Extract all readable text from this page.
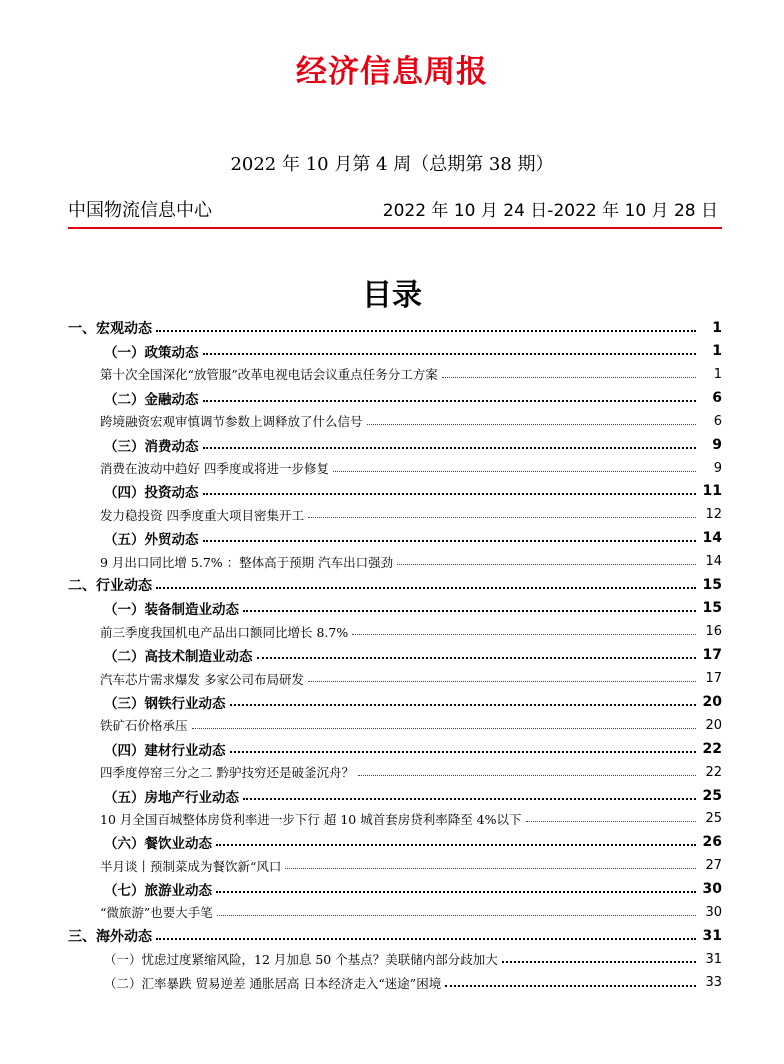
经济信息周报
2022 年 10 月第 4 周（总期第 38 期）
中国物流信息中心	2022 年 10 月 24 日-2022 年 10 月 28 日
目录
一、宏观动态	1
（一）政策动态	1
第十次全国深化“放管服”改革电视电话会议重点任务分工方案	1
（二）金融动态	6
跨境融资宏观审慎调节参数上调释放了什么信号	6
（三）消费动态	9
消费在波动中趋好 四季度或将进一步修复	9
（四）投资动态	11
发力稳投资 四季度重大项目密集开工	12
（五）外贸动态	14
9 月出口同比增 5.7% ：整体高于预期 汽车出口强劲	14
二、行业动态	15
（一）装备制造业动态	15
前三季度我国机电产品出口额同比增长 8.7%	16
（二）高技术制造业动态	17
汽车芯片需求爆发 多家公司布局研发	17
（三）钢铁行业动态	20
铁矿石价格承压	20
（四）建材行业动态	22
四季度停窑三分之二 黔驴技穷还是破釜沉舟？	22
（五）房地产行业动态	25
10 月全国百城整体房贷利率进一步下行 超 10 城首套房贷利率降至 4%以下	25
（六）餐饮业动态	26
半月谈丨预制菜成为餐饮新“风口	27
（七）旅游业动态	30
“微旅游”也要大手笔	30
三、海外动态	31
（一）忧虑过度紧缩风险，12 月加息 50 个基点？美联储内部分歧加大	31
（二）汇率暴跌 贸易逆差 通胀居高 日本经济走入“迷途”困境	33
